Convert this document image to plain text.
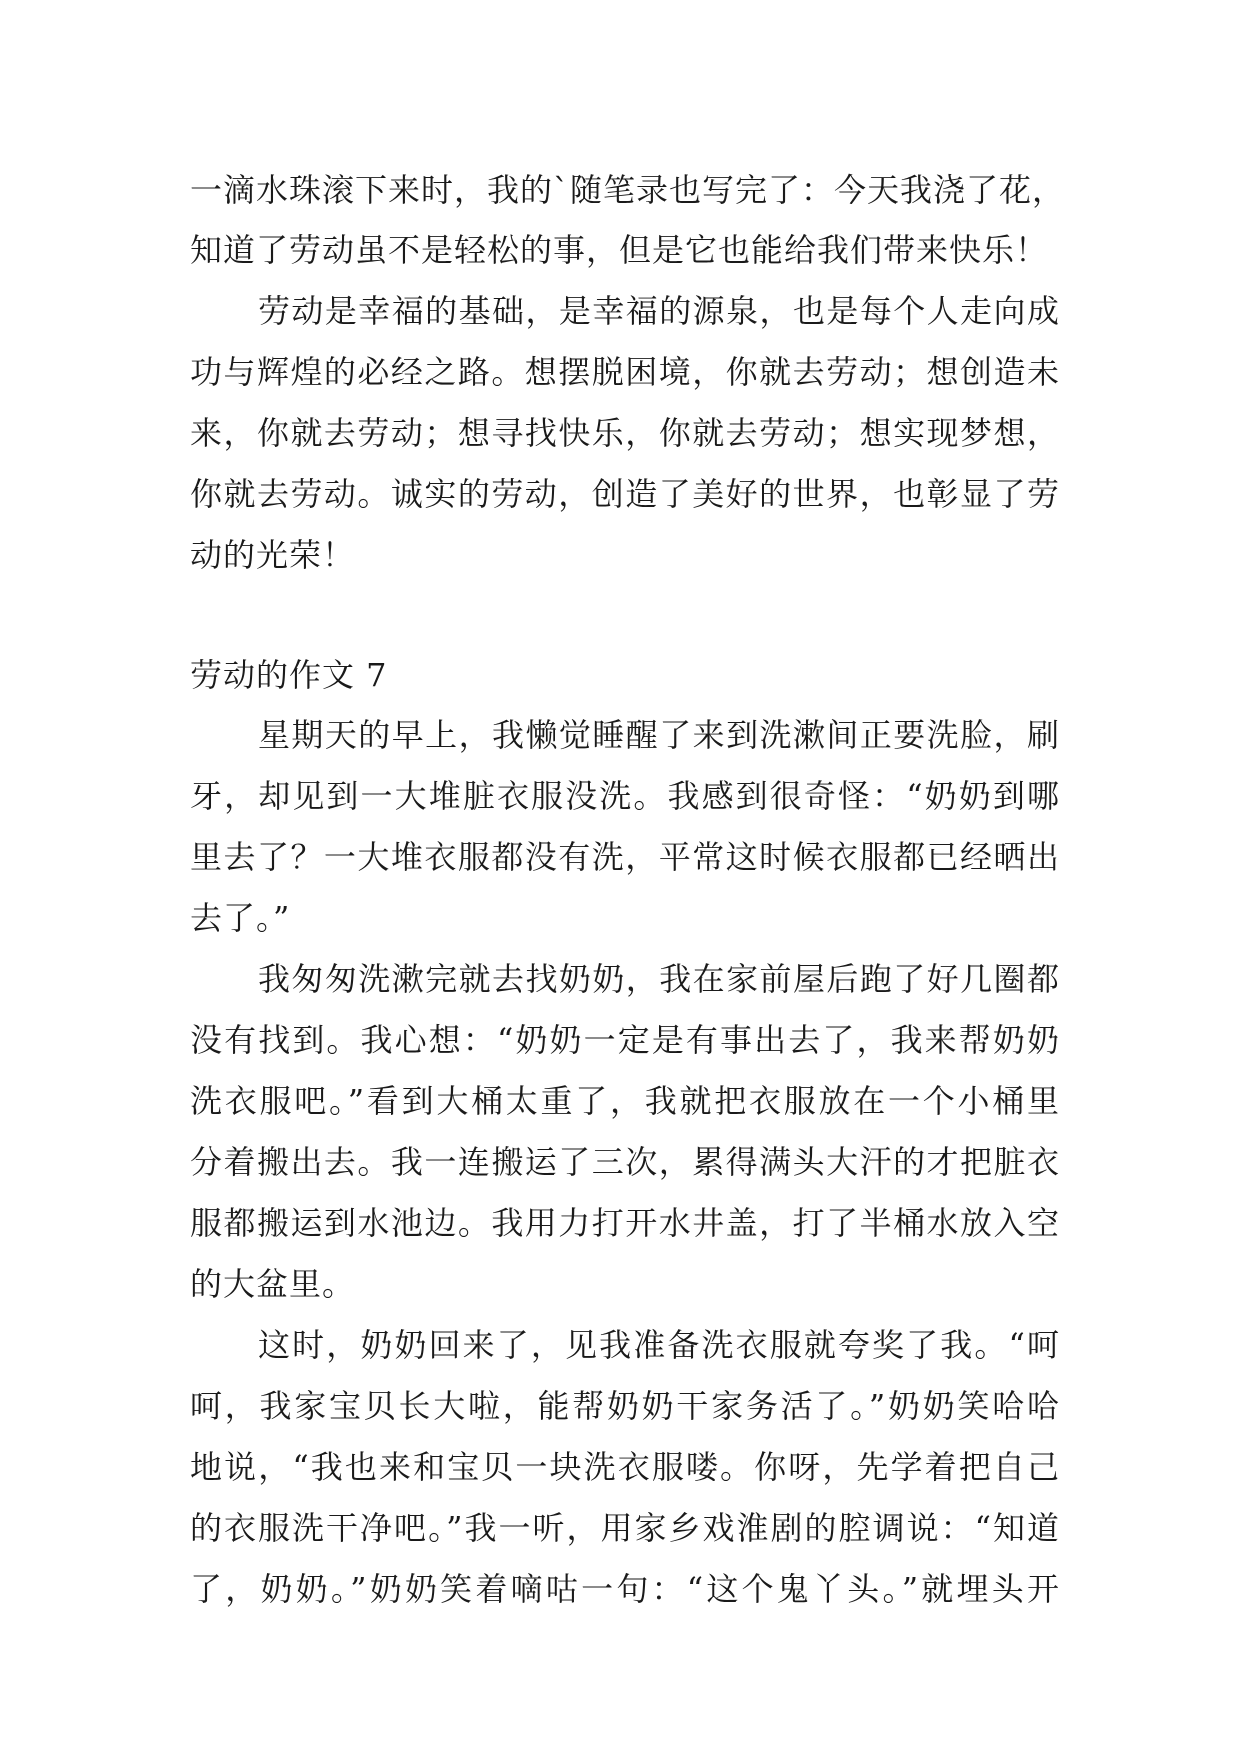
一滴水珠滚下来时，我的`随笔录也写完了：今天我浇了花，
知道了劳动虽不是轻松的事，但是它也能给我们带来快乐！
劳动是幸福的基础，是幸福的源泉，也是每个人走向成
功与辉煌的必经之路。想摆脱困境，你就去劳动；想创造未
来，你就去劳动；想寻找快乐，你就去劳动；想实现梦想，
你就去劳动。诚实的劳动，创造了美好的世界，也彰显了劳
动的光荣！
劳动的作文 7
星期天的早上，我懒觉睡醒了来到洗漱间正要洗脸，刷
牙，却见到一大堆脏衣服没洗。我感到很奇怪：“奶奶到哪
里去了？一大堆衣服都没有洗，平常这时候衣服都已经晒出
去了。”
我匆匆洗漱完就去找奶奶，我在家前屋后跑了好几圈都
没有找到。我心想：“奶奶一定是有事出去了，我来帮奶奶
洗衣服吧。”看到大桶太重了，我就把衣服放在一个小桶里
分着搬出去。我一连搬运了三次，累得满头大汗的才把脏衣
服都搬运到水池边。我用力打开水井盖，打了半桶水放入空
的大盆里。
这时，奶奶回来了，见我准备洗衣服就夸奖了我。“呵
呵，我家宝贝长大啦，能帮奶奶干家务活了。”奶奶笑哈哈
地说，“我也来和宝贝一块洗衣服喽。你呀，先学着把自己
的衣服洗干净吧。”我一听，用家乡戏淮剧的腔调说：“知道
了，奶奶。”奶奶笑着嘀咕一句：“这个鬼丫头。”就埋头开
